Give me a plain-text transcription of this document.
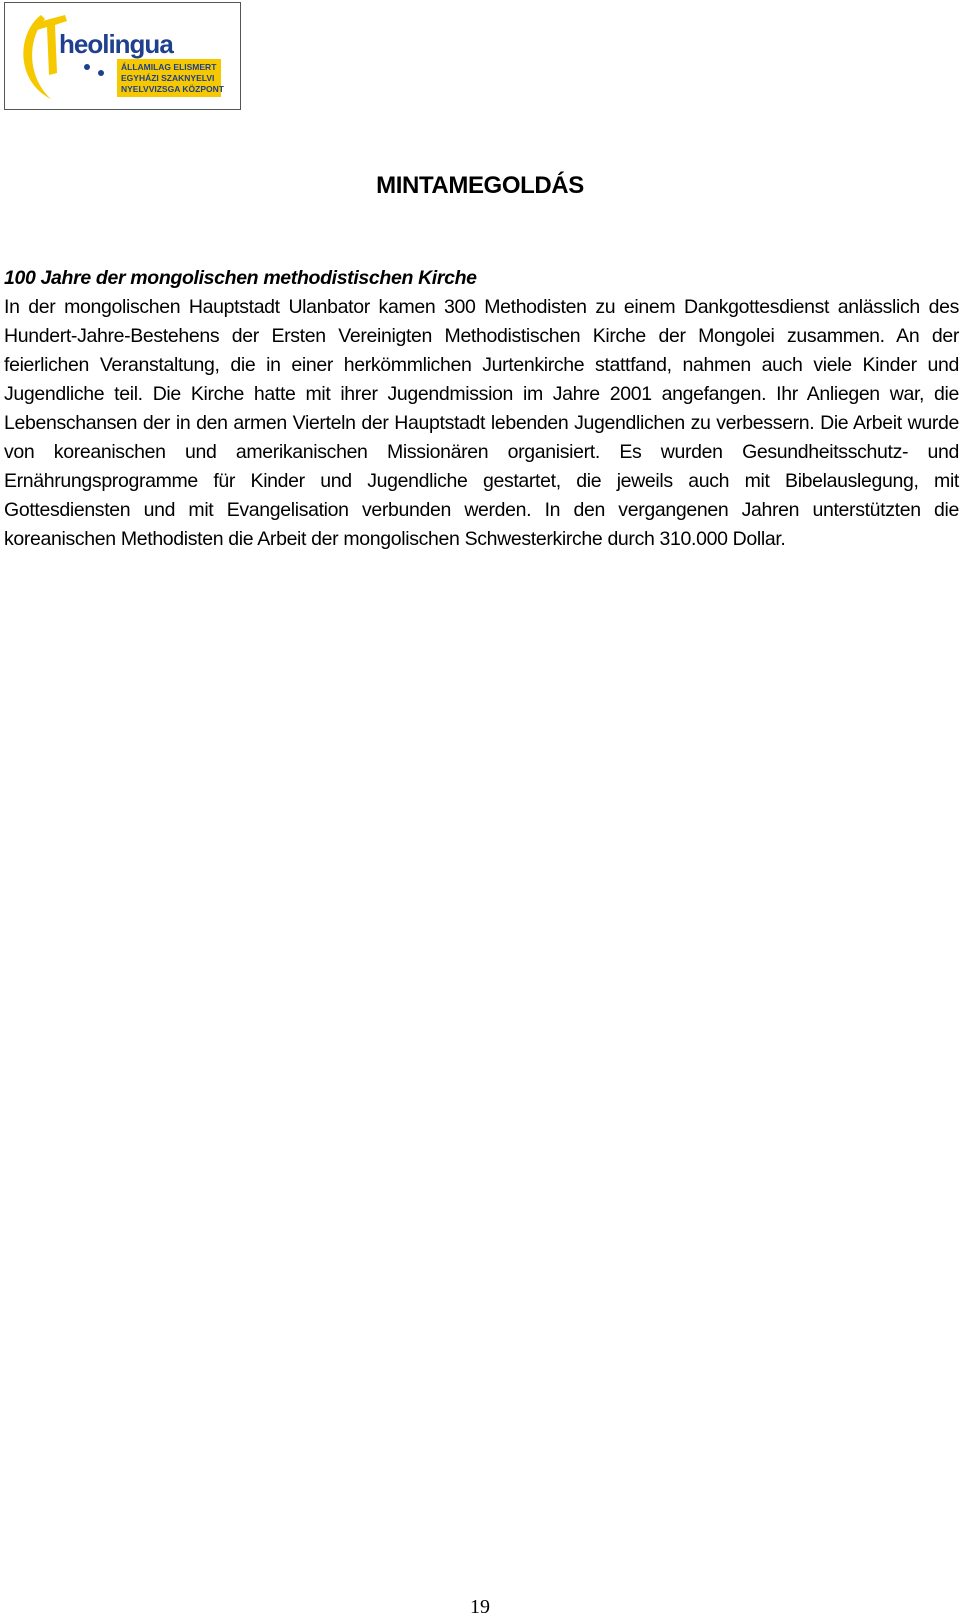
heolingua
ÁLLAMILAG ELISMERT
EGYHÁZI SZAKNYELVI
NYELVVIZSGA KÖZPONT
MINTAMEGOLDÁS
100 Jahre der mongolischen methodistischen Kirche

In der mongolischen Hauptstadt Ulanbator kamen 300 Methodisten zu einem Dankgottesdienst anlässlich des Hundert-Jahre-Bestehens der Ersten Vereinigten Methodistischen Kirche der Mongolei zusammen. An der feierlichen Veranstaltung, die in einer herkömmlichen Jurtenkirche stattfand, nahmen auch viele Kinder und Jugendliche teil. Die Kirche hatte mit ihrer Jugendmission im Jahre 2001 angefangen. Ihr Anliegen war, die Lebenschansen der in den armen Vierteln der Hauptstadt lebenden Jugendlichen zu verbessern. Die Arbeit wurde von koreanischen und amerikanischen Missionären organisiert. Es wurden Gesundheitsschutz- und Ernährungsprogramme für Kinder und Jugendliche gestartet, die jeweils auch mit Bibelauslegung, mit Gottesdiensten und mit Evangelisation verbunden werden. In den vergangenen Jahren unterstützten die koreanischen Methodisten die Arbeit der mongolischen Schwesterkirche durch 310.000 Dollar.

19
